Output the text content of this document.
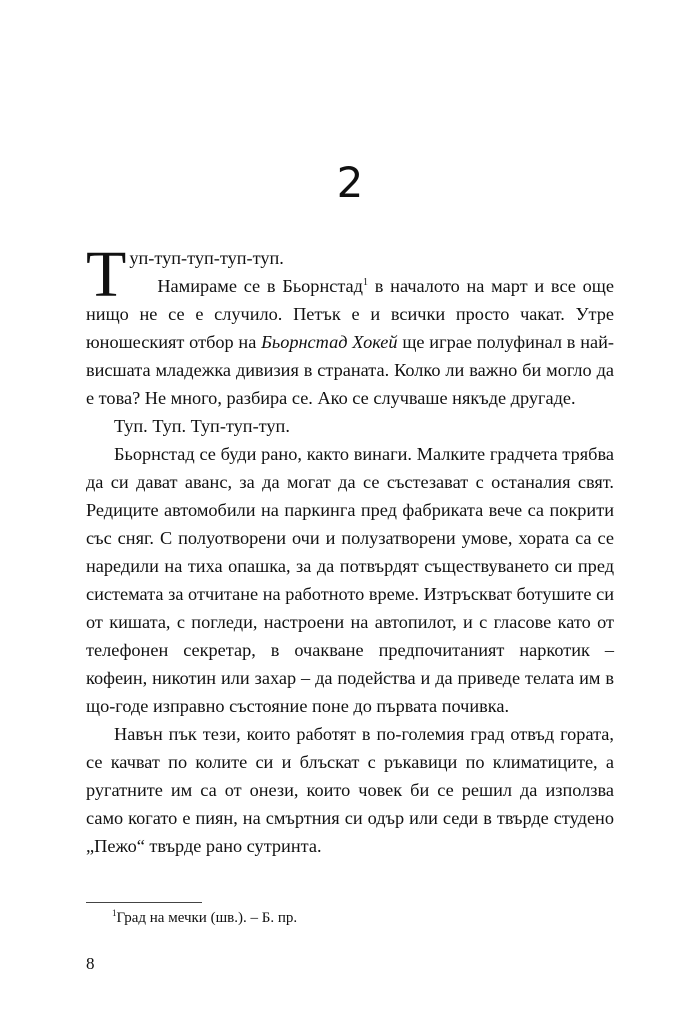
2

Туп-туп-туп-туп-туп.
Намираме се в Бьорнстад$^1$ в началото на март и все още нищо не се е случило. Петък е и всички просто чакат. Утре юношеският отбор на Бьорнстад Хокей ще играе полуфинал в най-висшата младежка дивизия в страната. Колко ли важно би могло да е това? Не много, разбира се. Ако се случваше някъде другаде.

Туп. Туп. Туп-туп-туп.

Бьорнстад се буди рано, както винаги. Малките градчета трябва да си дават аванс, за да могат да се състезават с останалия свят. Редиците автомобили на паркинга пред фабриката вече са покрити със сняг. С полуотворени очи и полузатворени умове, хората са се наредили на тиха опашка, за да потвърдят съществуването си пред системата за отчитане на работното време. Изтръскват ботушите си от кишата, с погледи, настроени на автопилот, и с гласове като от телефонен секретар, в очакване предпочитаният наркотик – кофеин, никотин или захар – да подейства и да приведе телата им в що-годе изправно състояние поне до първата почивка.

Навън пък тези, които работят в по-големия град отвъд гората, се качват по колите си и блъскат с ръкавици по климатиците, а ругатните им са от онези, които човек би се решил да използва само когато е пиян, на смъртния си одър или седи в твърде студено „Пежо“ твърде рано сутринта.

$^1$Град на мечки (шв.). – Б. пр.
8
